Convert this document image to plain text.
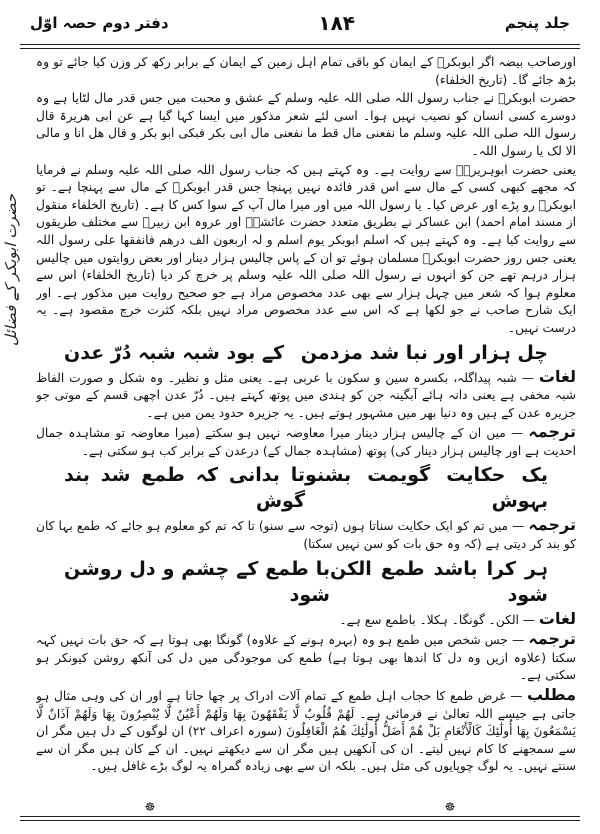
جلد پنجم
۱۸۴
دفتر دوم حصہ اوّل
حضرت ابوبکر کے فضائل

اورصاحب بیضہ اگر ابوبکرؓ کے ایمان کو باقی تمام اہل زمین کے ایمان کے برابر رکھ کر وزن کیا جائے تو وہ بڑھ جائے گا۔ (تاریخ الخلفاء)

حضرت ابوبکرؓ نے جناب رسول اللہ صلی اللہ علیہ وسلم کے عشق و محبت میں جس قدر مال لٹایا ہے وہ دوسرے کسی انسان کو نصیب نہیں ہوا۔ اسی لئے شعر مذکور میں ایسا کہا گیا ہے عن ابی ھریرۃ قال رسول اللہ صلی اللہ علیہ وسلم ما نفعنی مال قط ما نفعنی مال ابی بکر فبکی ابو بکر و قال ھل انا و مالی الا لک یا رسول اللہ۔

یعنی حضرت ابوہریرہؓ سے روایت ہے۔ وہ کہتے ہیں کہ جناب رسول اللہ صلی اللہ علیہ وسلم نے فرمایا کہ مجھے کبھی کسی کے مال سے اس قدر فائدہ نہیں پہنچا جس قدر ابوبکرؓ کے مال سے پہنچا ہے۔ تو ابوبکرؓ رو پڑے اور عرض کیا۔ یا رسول اللہ میں اور میرا مال آپ کے سوا کس کا ہے۔ (تاریخ الخلفاء منقول از مسند امام احمد) ابن عساکر نے بطریق متعدد حضرت عائشہؓ اور عروہ ابن زبیرؓ سے مختلف طریقوں سے روایت کیا ہے۔ وہ کہتے ہیں کہ اسلم ابوبکر یوم اسلم و لہ اربعون الف درھم فانفقھا علی رسول اللہ یعنی جس روز حضرت ابوبکرؓ مسلمان ہوئے تو ان کے پاس چالیس ہزار دینار اور بعض روایتوں میں چالیس ہزار درہم تھے جن کو انہوں نے رسول اللہ صلی اللہ علیہ وسلم پر خرچ کر دیا (تاریخ الخلفاء) اس سے معلوم ہوا کہ شعر میں چہل ہزار سے بھی عدد مخصوص مراد ہے جو صحیح روایت میں مذکور ہے۔ اور ایک شارح صاحب نے جو لکھا ہے کہ اس سے عدد مخصوص مراد نہیں بلکہ کثرت خرچ مقصود ہے۔ یہ درست نہیں۔

چل ہزار اور نبا شد مزدمن
کے بود شبہ شبہ دُرّ عدن

لغات — شبہ پیداگلہ، بکسرہ سین و سکون با عربی ہے۔ یعنی مثل و نظیر۔ وہ شکل و صورت الفاظ شبہ مخفی ہے یعنی دانہ ہائے آبگینہ جن کو ہندی میں پوتھ کہتے ہیں۔ دُرّ عدن اچھی قسم کے موتی جو جزیرہ عدن کے ہیں وہ دنیا بھر میں مشہور ہوتے ہیں۔ یہ جزیرہ حدود یمن میں ہے۔

ترجمہ — میں ان کے چالیس ہزار دینار میرا معاوضہ نہیں ہو سکتے (میرا معاوضہ تو مشاہدہ جمال احدیت ہے اور چالیس ہزار دینار کی) پوتھ (مشاہدہ جمال کے) درعدن کے برابر کب ہو سکتی ہے۔

یک حکایت گویمت بشنو بہوش
تا بدانی کہ طمع شد بند گوش

ترجمہ — میں تم کو ایک حکایت سناتا ہوں (توجہ سے سنو) تا کہ تم کو معلوم ہو جائے کہ طمع بہا کان کو بند کر دیتی ہے (کہ وہ حق بات کو سن نہیں سکتا)

ہر کرا باشد طمع الکن شود
با طمع کے چشم و دل روشن شود

لغات — الکن۔ گونگا۔ ہکلا۔ باطمع سع ہے۔

ترجمہ — جس شخص میں طمع ہو وہ (بہرہ ہونے کے علاوہ) گونگا بھی ہوتا ہے کہ حق بات نہیں کہہ سکتا (علاوہ ازیں وہ دل کا اندھا بھی ہوتا ہے) طمع کی موجودگی میں دل کی آنکھ روشن کیونکر ہو سکتی ہے۔

مطلب — غرض طمع کا حجاب اہل طمع کے تمام آلات ادراک پر چھا جاتا ہے اور ان کی وہی مثال ہو جاتی ہے جیسے اللہ تعالیٰ نے فرمائی ہے۔ لَهُمْ قُلُوبٌ لَّا يَفْقَهُونَ بِهَا وَلَهُمْ أَعْيُنٌ لَّا يُبْصِرُونَ بِهَا وَلَهُمْ آذَانٌ لَّا يَسْمَعُونَ بِهَا أُولَٰئِكَ كَالْأَنْعَامِ بَلْ هُمْ أَضَلُّ أُولَٰئِكَ هُمُ الْغَافِلُونَ (سورہ اعراف ۲۲) ان لوگوں کے دل ہیں مگر ان سے سمجھنے کا کام نہیں لیتے۔ ان کی آنکھیں ہیں مگر ان سے دیکھتے نہیں۔ ان کے کان ہیں مگر ان سے سنتے نہیں۔ یہ لوگ چوپایوں کی مثل ہیں۔ بلکہ ان سے بھی زیادہ گمراہ یہ لوگ بڑے غافل ہیں۔

☸	☸
